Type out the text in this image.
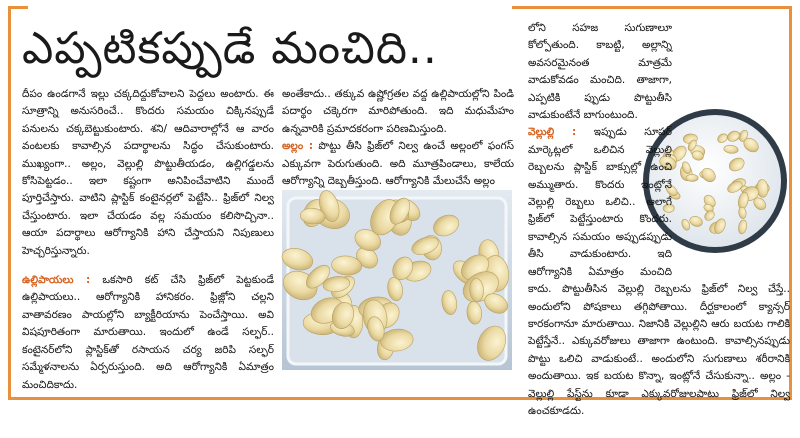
ఎప్పటికప్పుడే మంచిది..

దీపం ఉండగానే ఇల్లు చక్కదిద్దుకోవాలని పెద్దలు అంటారు. ఈ సూత్రాన్ని అనుసరించే.. కొందరు సమయం చిక్కినప్పుడే పనులను చక్కబెట్టుకుంటారు. శని/ ఆదివారాల్లోనే ఆ వారం వంటలకు కావాల్సిన పదార్థాలను సిద్ధం చేసుకుంటారు. ముఖ్యంగా.. అల్లం, వెల్లుల్లి పొట్టుతీయడం, ఉల్లిగడ్డలను కోసిపెట్టడం.. ఇలా కష్టంగా అనిపించేవాటిని ముందే పూర్తిచేస్తారు. వాటిని ప్లాస్టిక్ కంటైనర్లలో పెట్టేసి.. ఫ్రిజ్‌లో నిల్వ చేస్తుంటారు. ఇలా చేయడం వల్ల సమయం కలిసొచ్చినా.. ఆయా పదార్థాలు ఆరోగ్యానికి హాని చేస్తాయని నిపుణులు హెచ్చరిస్తున్నారు.

ఉల్లిపాయలు : ఒకసారి కట్ చేసి ఫ్రిజ్‌లో పెట్టకుండే ఉల్లిపాయలు.. ఆరోగ్యానికి హానికరం. ఫ్రిజ్లోని చల్లని వాతావరణం పాయల్లోని బ్యాక్టీరియాను పెంచేస్తాయి. అవి విషపూరితంగా మారుతాయి. ఇందులో ఉండే సల్ఫర్.. కంటైనర్‌లోని ప్లాస్టిక్‌తో రసాయన చర్య జరిపి సల్ఫర్ సమ్మేళనాలను ఏర్పరుస్తుంది. అది ఆరోగ్యానికి ఏమాత్రం మంచిదికాదు.

అంతేకాదు.. తక్కువ ఉష్ణోగ్రతల వద్ద ఉల్లిపాయల్లోని పిండి పదార్థం చక్కెరగా మారిపోతుంది. ఇది మధుమేహం ఉన్నవారికి ప్రమాదకరంగా పరిణమిస్తుంది.

అల్లం : పొట్టు తీసి ఫ్రిజ్‌లో నిల్వ ఉంచే అల్లంలో ఫంగస్ ఎక్కువగా పెరుగుతుంది. అది మూత్రపిండాలు, కాలేయ ఆరోగ్యాన్ని దెబ్బతీస్తుంది. ఆరోగ్యానికి మేలుచేసే అల్లం

లోని సహజ సుగుణాలూ కోల్పోతుంది. కాబట్టి, అల్లాన్ని అవసరమైనంత మాత్రమే వాడుకోవడం మంచిది. తాజాగా, ఎప్పటికి ప్పుడు పొట్టుతీసి వాడుకుంటేనే బాగుంటుంది.

వెల్లుల్లి : ఇప్పుడు సూపర్ మార్కెట్లలో ఒలిచిన వెల్లుల్లి రెబ్బలను ప్లాస్టిక్ బాక్సుల్లో ఉంచి అమ్ముతారు. కొందరు ఇంట్లోనే వెల్లుల్లి రెబ్బలు ఒలిచి.. ఆలాగే ఫ్రిజ్‌లో పెట్టేస్తుంటారు కొందరు. కావాల్సిన సమయం అప్పుడప్పుడు తీసి వాడుకుంటారు. ఇది ఆరోగ్యానికి ఏమాత్రం మంచిది కాదు. పొట్టుతీసిన వెల్లుల్లి రెబ్బలను ఫ్రిజ్‌లో నిల్వ చేస్తే.. అందులోని పోషకాలు తగ్గిపోతాయి. దీర్ఘకాలంలో క్యాన్సర్ కారకంగానూ మారుతాయి. నిజానికి వెల్లుల్లిని ఆరు బయట గాలికి పెట్టేస్తేనే.. ఎక్కువరోజులు తాజాగా ఉంటుంది. కావాల్సినప్పుడు పొట్టు ఒలిచి వాడుకుంటే.. అందులోని సుగుణాలు శరీరానికి అందుతాయి. ఇక బయట కొన్నా, ఇంట్లోనే చేసుకున్నా.. అల్లం - వెల్లుల్లి పేస్ట్‌ను కూడా ఎక్కువరోజులపాటు ఫ్రిజ్‌లో నిల్వ ఉంచకూడదు.
